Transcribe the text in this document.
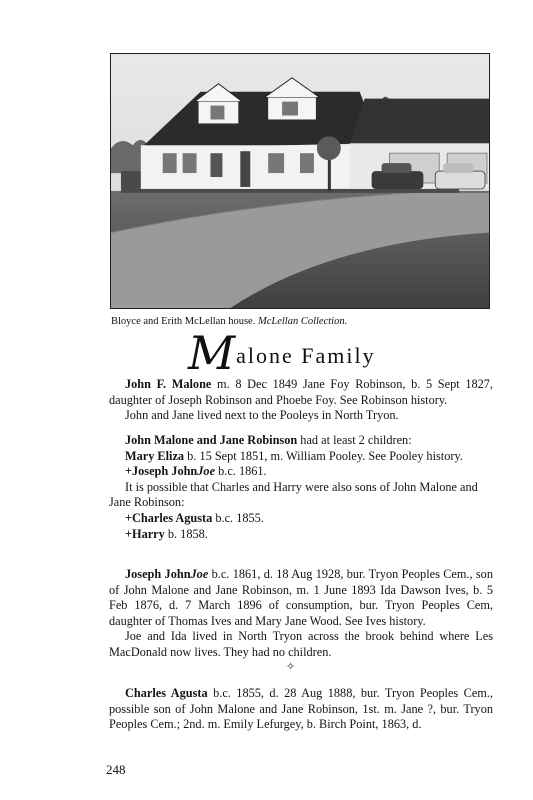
Bloyce and Erith McLellan house. McLellan Collection.
M alone Family

John F. Malone m. 8 Dec 1849 Jane Foy Robinson, b. 5 Sept 1827, daughter of Joseph Robinson and Phoebe Foy. See Robinson history.

John and Jane lived next to the Pooleys in North Tryon.

John Malone and Jane Robinson had at least 2 children:

Mary Eliza b. 15 Sept 1851, m. William Pooley. See Pooley history.

+Joseph JohnJoe b.c. 1861.

It is possible that Charles and Harry were also sons of John Malone and Jane Robinson:

+Charles Agusta b.c. 1855.

+Harry b. 1858.

Joseph JohnJoe b.c. 1861, d. 18 Aug 1928, bur. Tryon Peoples Cem., son of John Malone and Jane Robinson, m. 1 June 1893 Ida Dawson Ives, b. 5 Feb 1876, d. 7 March 1896 of consumption, bur. Tryon Peoples Cem, daughter of Thomas Ives and Mary Jane Wood. See Ives history.

Joe and Ida lived in North Tryon across the brook behind where Les MacDonald now lives. They had no children.

✧

Charles Agusta b.c. 1855, d. 28 Aug 1888, bur. Tryon Peoples Cem., possible son of John Malone and Jane Robinson, 1st. m. Jane ?, bur. Tryon Peoples Cem.; 2nd. m. Emily Lefurgey, b. Birch Point, 1863, d.

248
